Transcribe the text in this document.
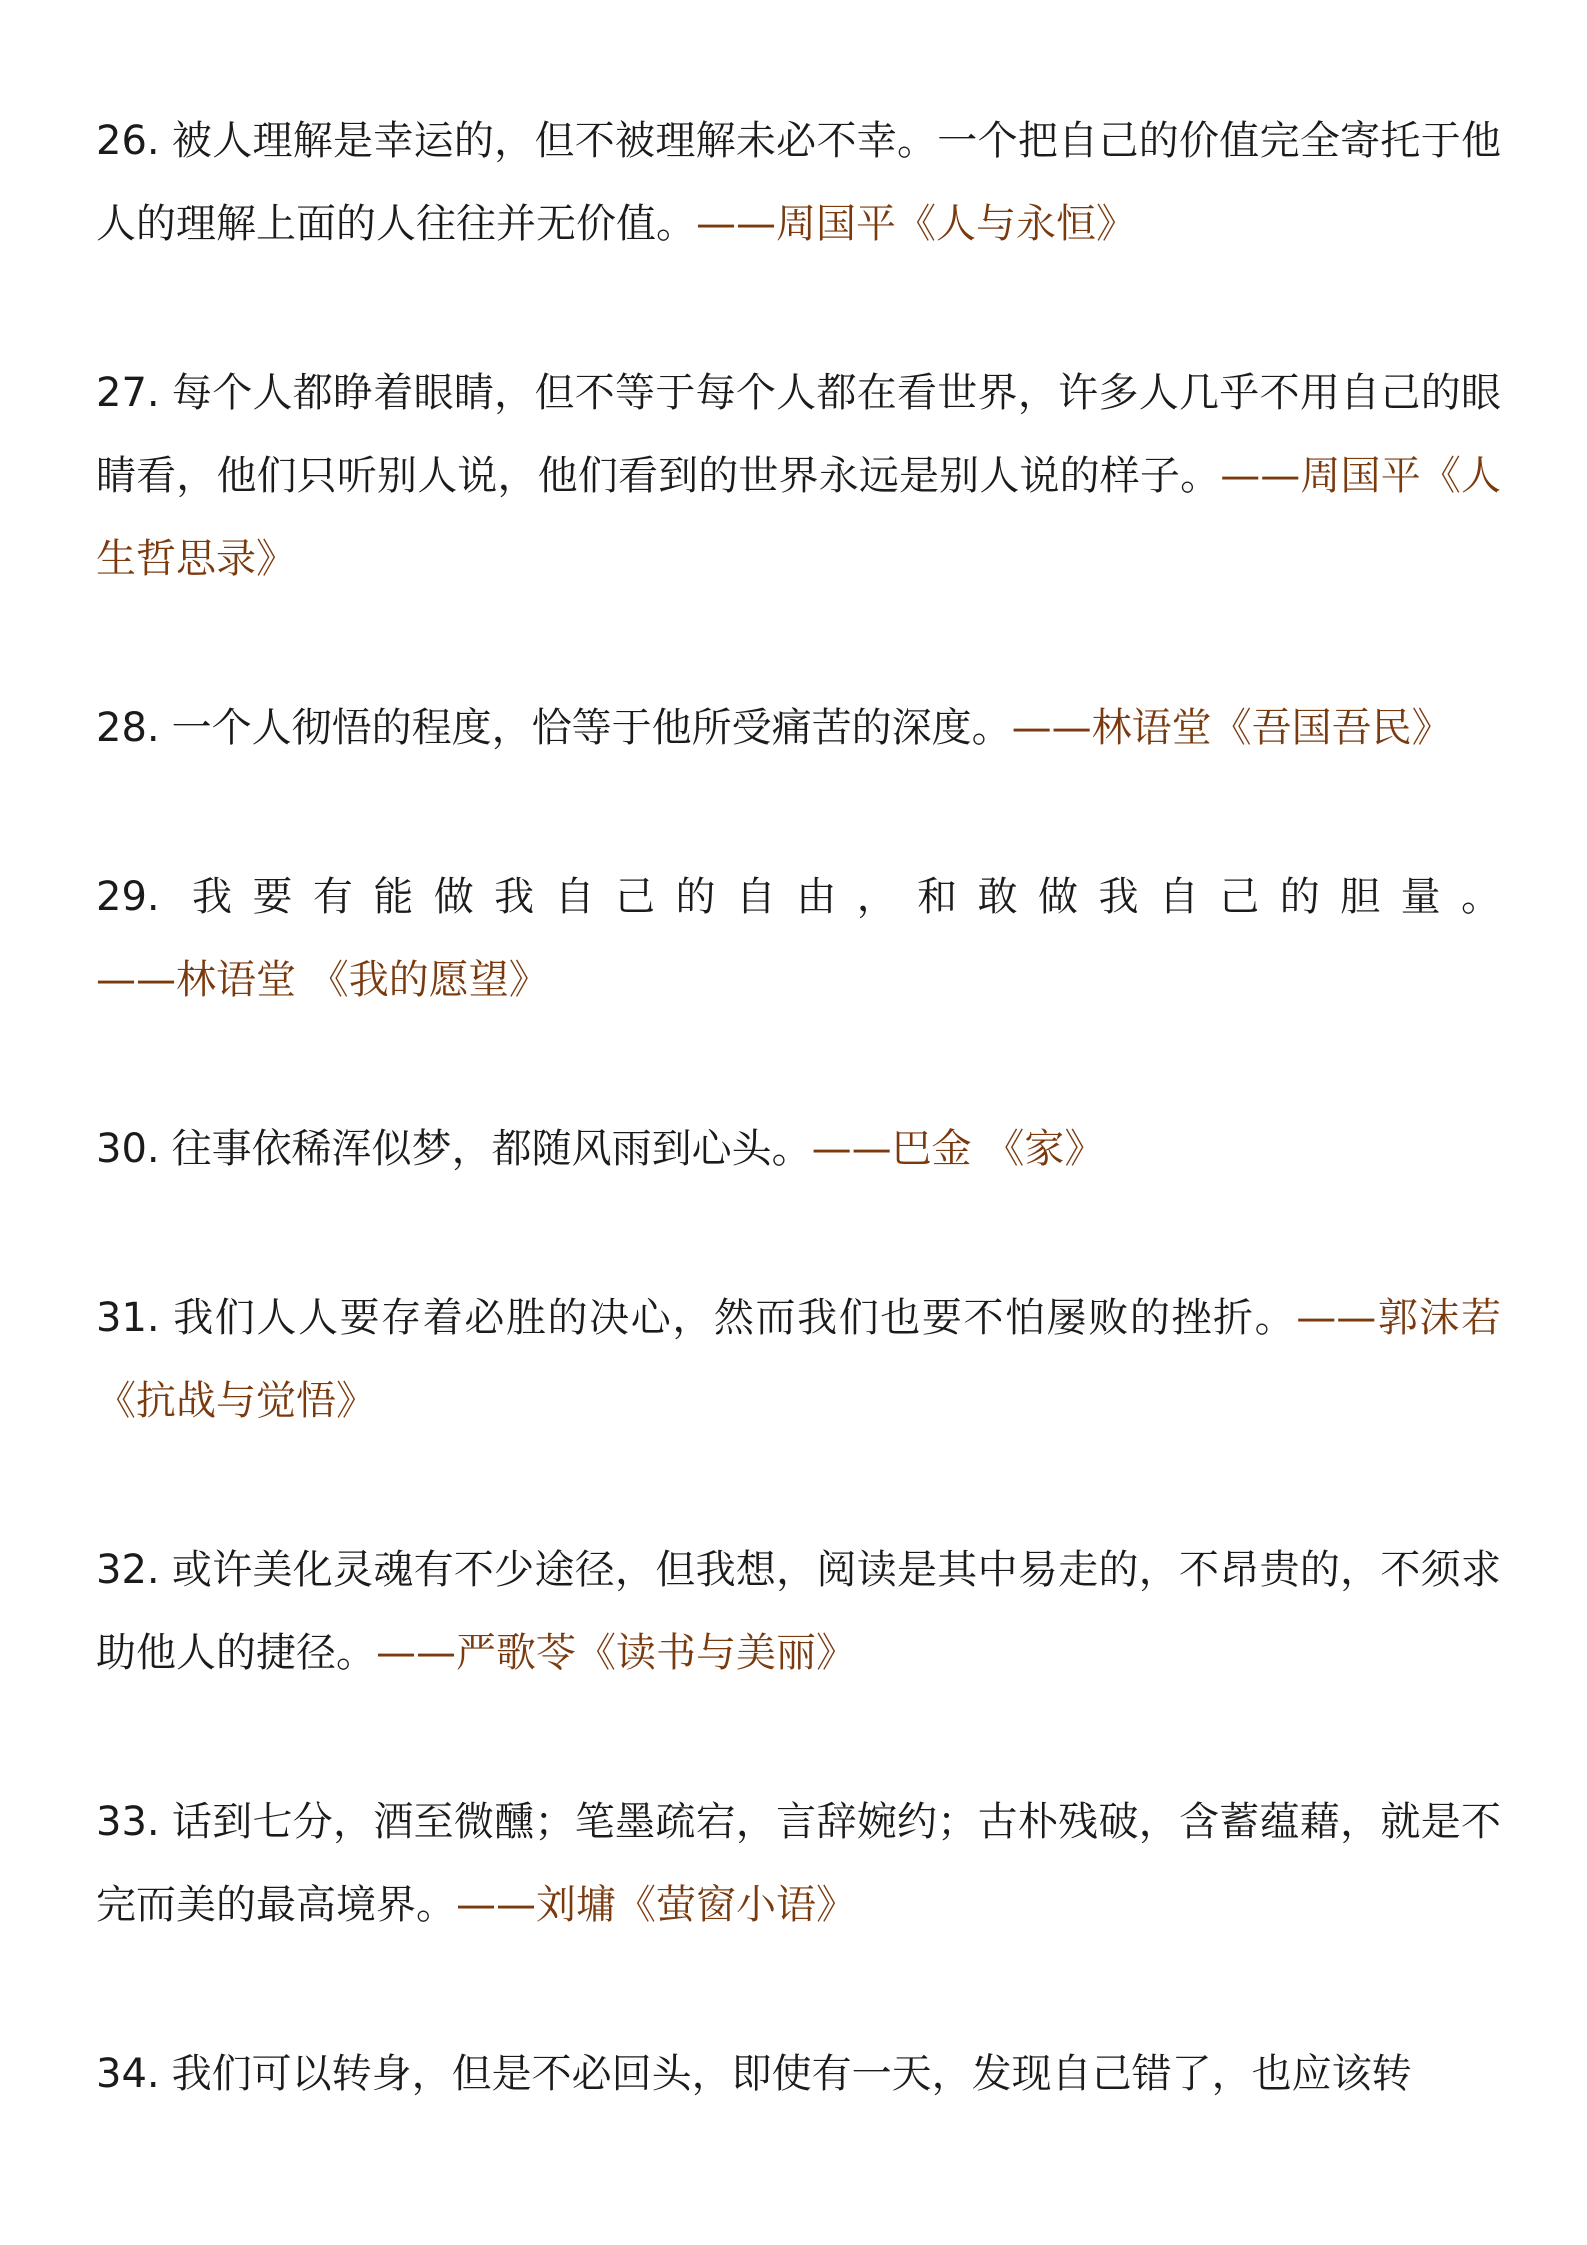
26. 被人理解是幸运的，但不被理解未必不幸。一个把自己的价值完全寄托于他人的理解上面的人往往并无价值。——周国平《人与永恒》

27. 每个人都睁着眼睛，但不等于每个人都在看世界，许多人几乎不用自己的眼睛看，他们只听别人说，他们看到的世界永远是别人说的样子。——周国平《人生哲思录》

28. 一个人彻悟的程度，恰等于他所受痛苦的深度。——林语堂《吾国吾民》

29. 我要有能做我自己的自由，和敢做我自己的胆量。——林语堂 《我的愿望》

30. 往事依稀浑似梦，都随风雨到心头。——巴金 《家》

31. 我们人人要存着必胜的决心，然而我们也要不怕屡败的挫折。——郭沫若《抗战与觉悟》

32. 或许美化灵魂有不少途径，但我想，阅读是其中易走的，不昂贵的，不须求助他人的捷径。——严歌苓《读书与美丽》

33. 话到七分，酒至微醺；笔墨疏宕，言辞婉约；古朴残破，含蓄蕴藉，就是不完而美的最高境界。——刘墉《萤窗小语》

34. 我们可以转身，但是不必回头，即使有一天，发现自己错了，也应该转
